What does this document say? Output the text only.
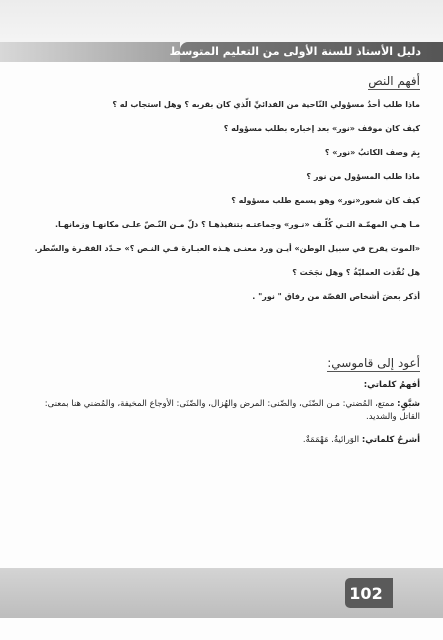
دليل الأستاذ للسنة الأولى من التعليم المتوسط
أفهم النص

ماذا طلب أحدُ مسؤولي النّاحية من الفدائيِّ الّذي كان بقربه ؟ وهل استجاب له ؟

كيف كان موقف «نور» بعد إخباره بطلب مسؤوله ؟

بِمَ وصف الكاتبُ «نور» ؟

ماذا طلب المسؤول من نور ؟

كيف كان شعور«نور» وهو يسمع طلب مسؤوله ؟

مـا هـي المهمّـة التـي كُلّـف «نـور» وجماعتـه بتنفيذهـا ؟ دلّ مـن النّـصّ علـى مكانهـا وزمانهـا.

«الموت يفرح في سبيل الوطن» أيـن ورد معنـى هـذه العبـارة فـي النـص ؟» حـدّد الفقـرة والسّطر.

هل نُفّذت العمليّةُ ؟ وهل نجَحَت ؟

أذكر بعضَ أشخاص القصّة من رفاق " نور" .

أعود إلى قاموسي:
أفهمُ كلماتي:

شبَّقٍ: ممتع، المُضني: مـن الضّنَى، والضّنى: المرض والهُزال، والضّنَى: الأوجاع المخيفة، والمُضني هنا بمعنى: القاتل والشديد.

أشرحُ كلماتي: الوَرائيةُ. مَهْمَمَةٌ.

102
